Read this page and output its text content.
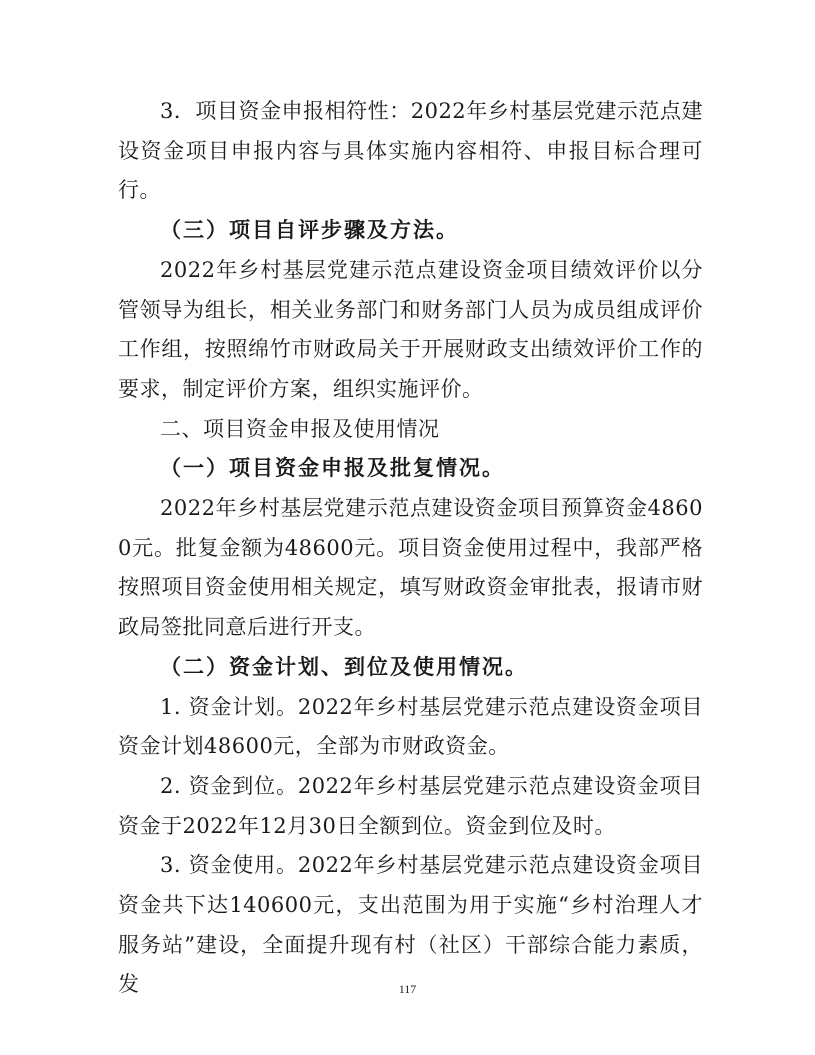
3．项目资金申报相符性：2022年乡村基层党建示范点建设资金项目申报内容与具体实施内容相符、申报目标合理可行。

（三）项目自评步骤及方法。

2022年乡村基层党建示范点建设资金项目绩效评价以分管领导为组长，相关业务部门和财务部门人员为成员组成评价工作组，按照绵竹市财政局关于开展财政支出绩效评价工作的要求，制定评价方案，组织实施评价。

二、项目资金申报及使用情况

（一）项目资金申报及批复情况。

2022年乡村基层党建示范点建设资金项目预算资金48600元。批复金额为48600元。项目资金使用过程中，我部严格按照项目资金使用相关规定，填写财政资金审批表，报请市财政局签批同意后进行开支。

（二）资金计划、到位及使用情况。

1. 资金计划。2022年乡村基层党建示范点建设资金项目资金计划48600元，全部为市财政资金。

2. 资金到位。2022年乡村基层党建示范点建设资金项目资金于2022年12月30日全额到位。资金到位及时。

3. 资金使用。2022年乡村基层党建示范点建设资金项目资金共下达140600元，支出范围为用于实施“乡村治理人才服务站”建设，全面提升现有村（社区）干部综合能力素质，发	117
